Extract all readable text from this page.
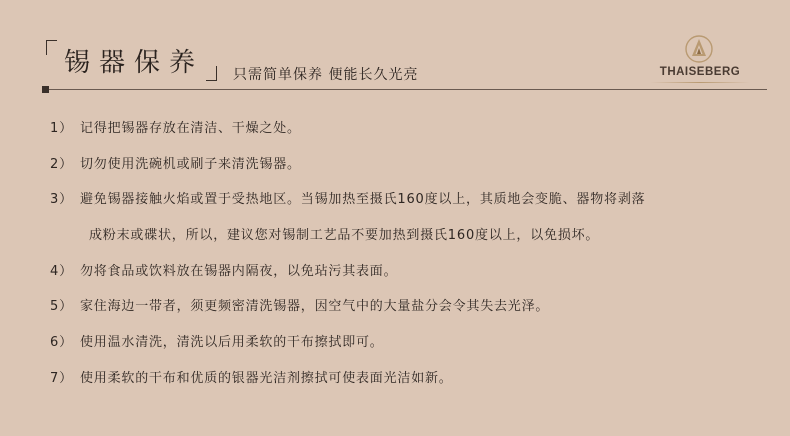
锡器保养 只需简单保养 便能长久光亮	THAISEBERG
1） 记得把锡器存放在清洁、干燥之处。
2） 切勿使用洗碗机或刷子来清洗锡器。
3） 避免锡器接触火焰或置于受热地区。当锡加热至摄氏160度以上，其质地会变脆、器物将剥落
成粉末或碟状，所以，建议您对锡制工艺品不要加热到摄氏160度以上，以免损坏。
4） 勿将食品或饮料放在锡器内隔夜，以免玷污其表面。
5） 家住海边一带者，须更频密清洗锡器，因空气中的大量盐分会令其失去光泽。
6） 使用温水清洗，清洗以后用柔软的干布擦拭即可。
7） 使用柔软的干布和优质的银器光洁剂擦拭可使表面光洁如新。
